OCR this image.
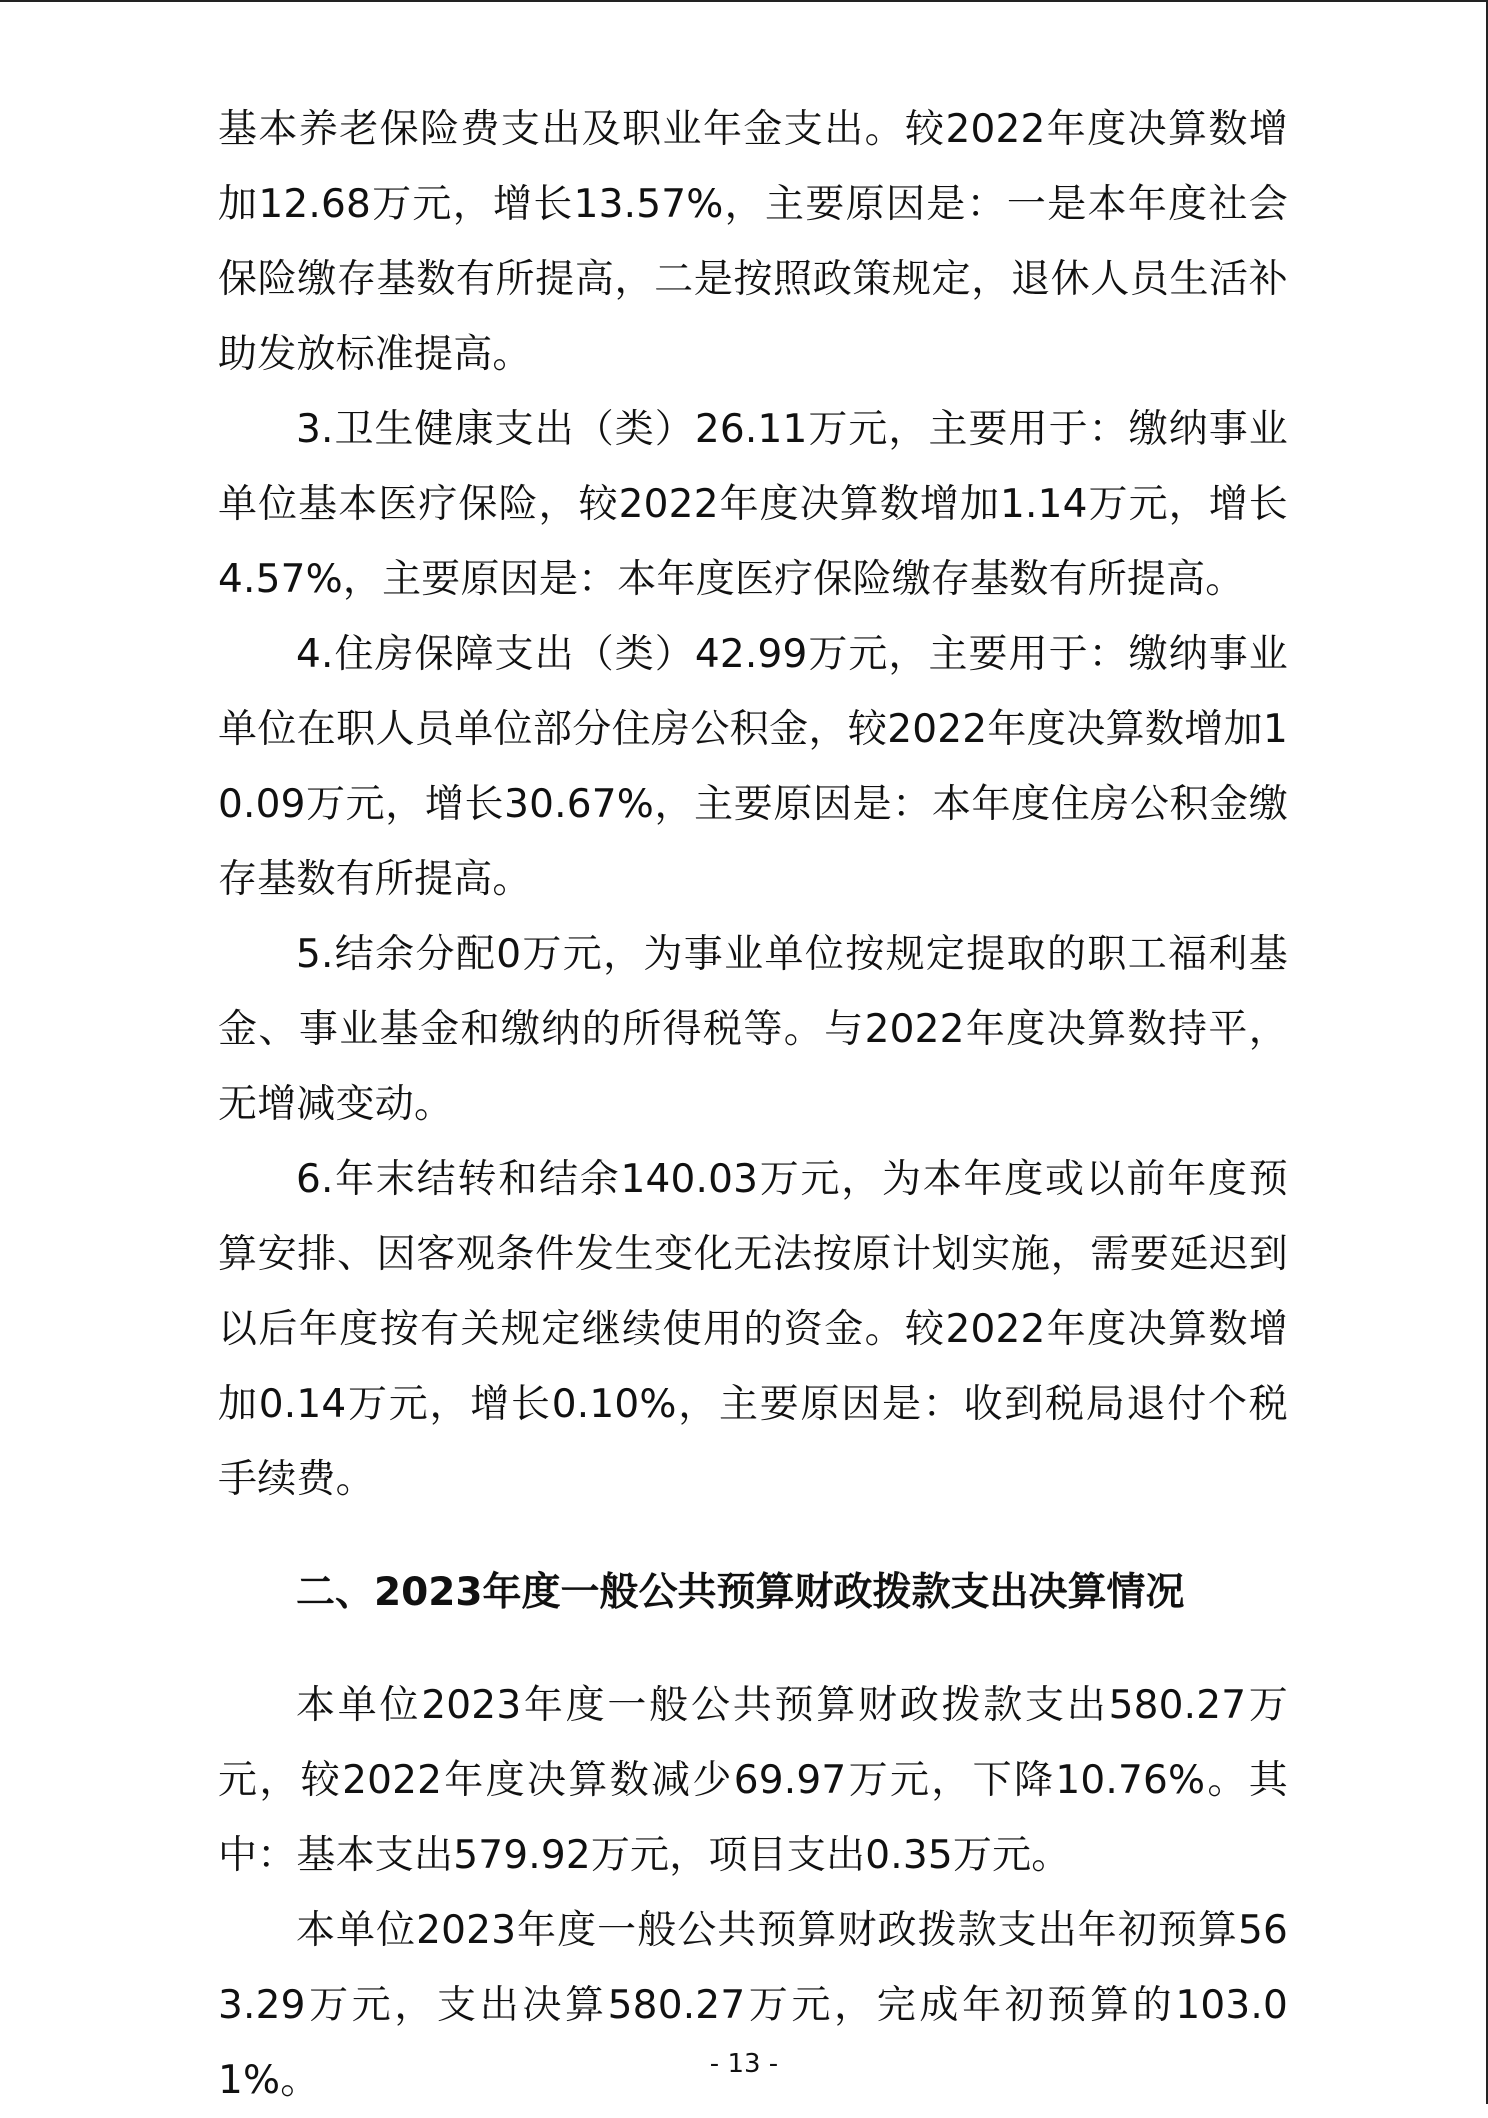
基本养老保险费支出及职业年金支出。较2022年度决算数增加12.68万元，增长13.57%，主要原因是：一是本年度社会保险缴存基数有所提高，二是按照政策规定，退休人员生活补助发放标准提高。

3.卫生健康支出（类）26.11万元，主要用于：缴纳事业单位基本医疗保险，较2022年度决算数增加1.14万元，增长4.57%，主要原因是：本年度医疗保险缴存基数有所提高。

4.住房保障支出（类）42.99万元，主要用于：缴纳事业单位在职人员单位部分住房公积金，较2022年度决算数增加10.09万元，增长30.67%，主要原因是：本年度住房公积金缴存基数有所提高。

5.结余分配0万元，为事业单位按规定提取的职工福利基金、事业基金和缴纳的所得税等。与2022年度决算数持平，无增减变动。

6.年末结转和结余140.03万元，为本年度或以前年度预算安排、因客观条件发生变化无法按原计划实施，需要延迟到以后年度按有关规定继续使用的资金。较2022年度决算数增加0.14万元，增长0.10%，主要原因是：收到税局退付个税手续费。

二、2023年度一般公共预算财政拨款支出决算情况

本单位2023年度一般公共预算财政拨款支出580.27万元，较2022年度决算数减少69.97万元，下降10.76%。其中：基本支出579.92万元，项目支出0.35万元。

本单位2023年度一般公共预算财政拨款支出年初预算563.29万元，支出决算580.27万元，完成年初预算的103.01%。	- 13 -
